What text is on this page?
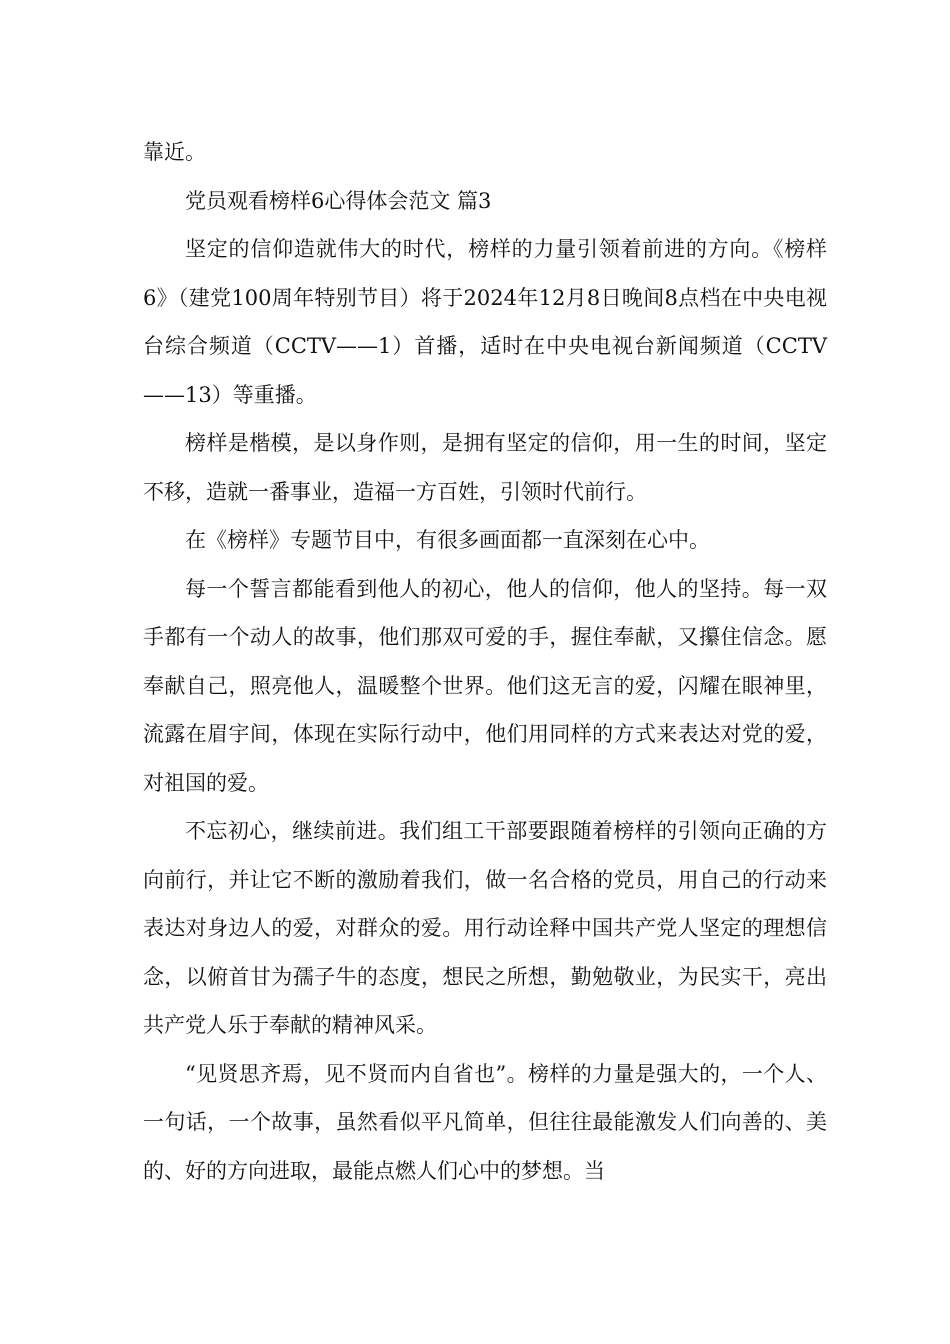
靠近。

党员观看榜样6心得体会范文 篇3

坚定的信仰造就伟大的时代，榜样的力量引领着前进的方向。《榜样6》（建党100周年特别节目）将于2024年12月8日晚间8点档在中央电视台综合频道（CCTV——1）首播，适时在中央电视台新闻频道（CCTV——13）等重播。

榜样是楷模，是以身作则，是拥有坚定的信仰，用一生的时间，坚定不移，造就一番事业，造福一方百姓，引领时代前行。

在《榜样》专题节目中，有很多画面都一直深刻在心中。

每一个誓言都能看到他人的初心，他人的信仰，他人的坚持。每一双手都有一个动人的故事，他们那双可爱的手，握住奉献，又攥住信念。愿奉献自己，照亮他人，温暖整个世界。他们这无言的爱，闪耀在眼神里，流露在眉宇间，体现在实际行动中，他们用同样的方式来表达对党的爱，对祖国的爱。

不忘初心，继续前进。我们组工干部要跟随着榜样的引领向正确的方向前行，并让它不断的激励着我们，做一名合格的党员，用自己的行动来表达对身边人的爱，对群众的爱。用行动诠释中国共产党人坚定的理想信念，以俯首甘为孺子牛的态度，想民之所想，勤勉敬业，为民实干，亮出共产党人乐于奉献的精神风采。

“见贤思齐焉，见不贤而内自省也”。榜样的力量是强大的，一个人、一句话，一个故事，虽然看似平凡简单，但往往最能激发人们向善的、美的、好的方向进取，最能点燃人们心中的梦想。当
